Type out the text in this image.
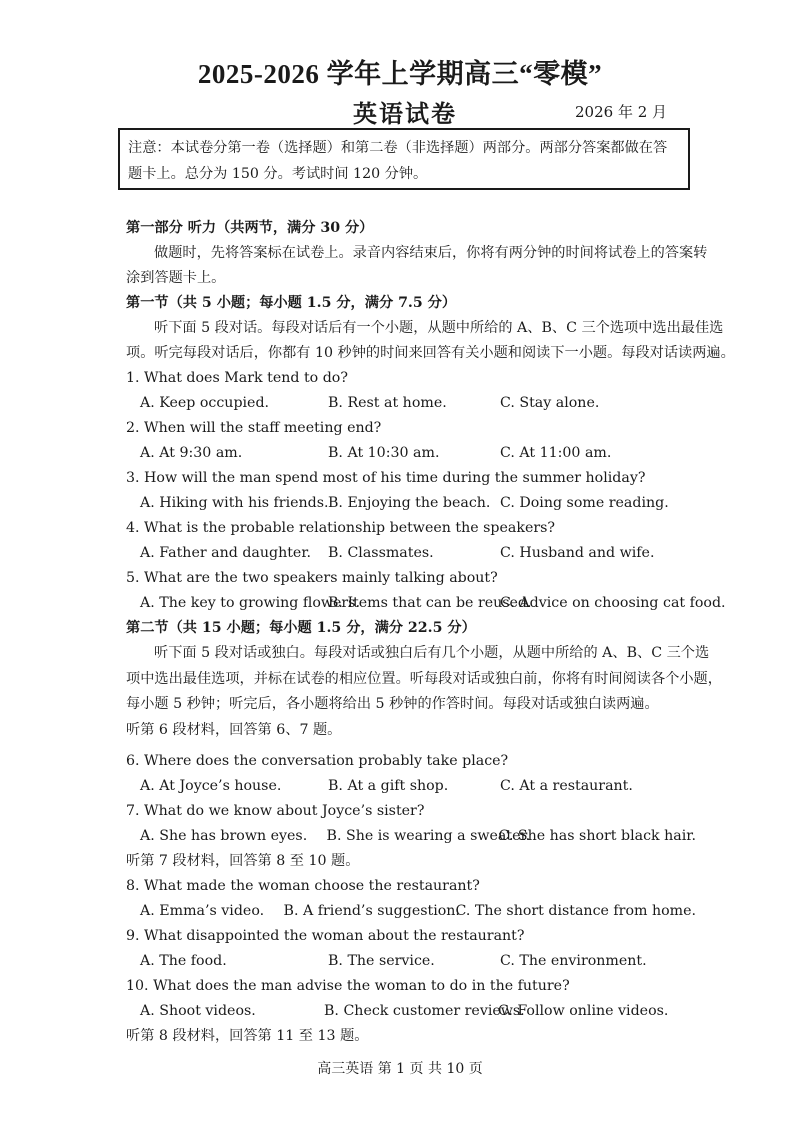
2025-2026 学年上学期高三“零模”
英语试卷	2026 年 2 月
注意：本试卷分第一卷（选择题）和第二卷（非选择题）两部分。两部分答案都做在答
题卡上。总分为 150 分。考试时间 120 分钟。
第一部分 听力（共两节，满分 30 分）
做题时，先将答案标在试卷上。录音内容结束后，你将有两分钟的时间将试卷上的答案转
涂到答题卡上。
第一节（共 5 小题；每小题 1.5 分，满分 7.5 分）
听下面 5 段对话。每段对话后有一个小题，从题中所给的 A、B、C 三个选项中选出最佳选
项。听完每段对话后，你都有 10 秒钟的时间来回答有关小题和阅读下一小题。每段对话读两遍。
1. What does Mark tend to do?
A. Keep occupied.	B. Rest at home.	C. Stay alone.
2. When will the staff meeting end?
A. At 9:30 am.	B. At 10:30 am.	C. At 11:00 am.
3. How will the man spend most of his time during the summer holiday?
A. Hiking with his friends. B. Enjoying the beach. C. Doing some reading.
4. What is the probable relationship between the speakers?
A. Father and daughter.	B. Classmates.	C. Husband and wife.
5. What are the two speakers mainly talking about?
A. The key to growing flowers.
B. Items that can be reused.
C. Advice on choosing cat food.
第二节（共 15 小题；每小题 1.5 分，满分 22.5 分）
听下面 5 段对话或独白。每段对话或独白后有几个小题，从题中所给的 A、B、C 三个选
项中选出最佳选项，并标在试卷的相应位置。听每段对话或独白前，你将有时间阅读各个小题，
每小题 5 秒钟；听完后，各小题将给出 5 秒钟的作答时间。每段对话或独白读两遍。
听第 6 段材料，回答第 6、7 题。
6. Where does the conversation probably take place?
A. At Joyce’s house.	B. At a gift shop.	C. At a restaurant.
7. What do we know about Joyce’s sister?
A. She has brown eyes.	B. She is wearing a sweater.
C. She has short black hair.
听第 7 段材料，回答第 8 至 10 题。
8. What made the woman choose the restaurant?
A. Emma’s video.	B. A friend’s suggestion.
C. The short distance from home.
9. What disappointed the woman about the restaurant?
A. The food.	B. The service.	C. The environment.
10. What does the man advise the woman to do in the future?
A. Shoot videos.	B. Check customer reviews.
C. Follow online videos.
听第 8 段材料，回答第 11 至 13 题。
高三英语 第 1 页 共 10 页
